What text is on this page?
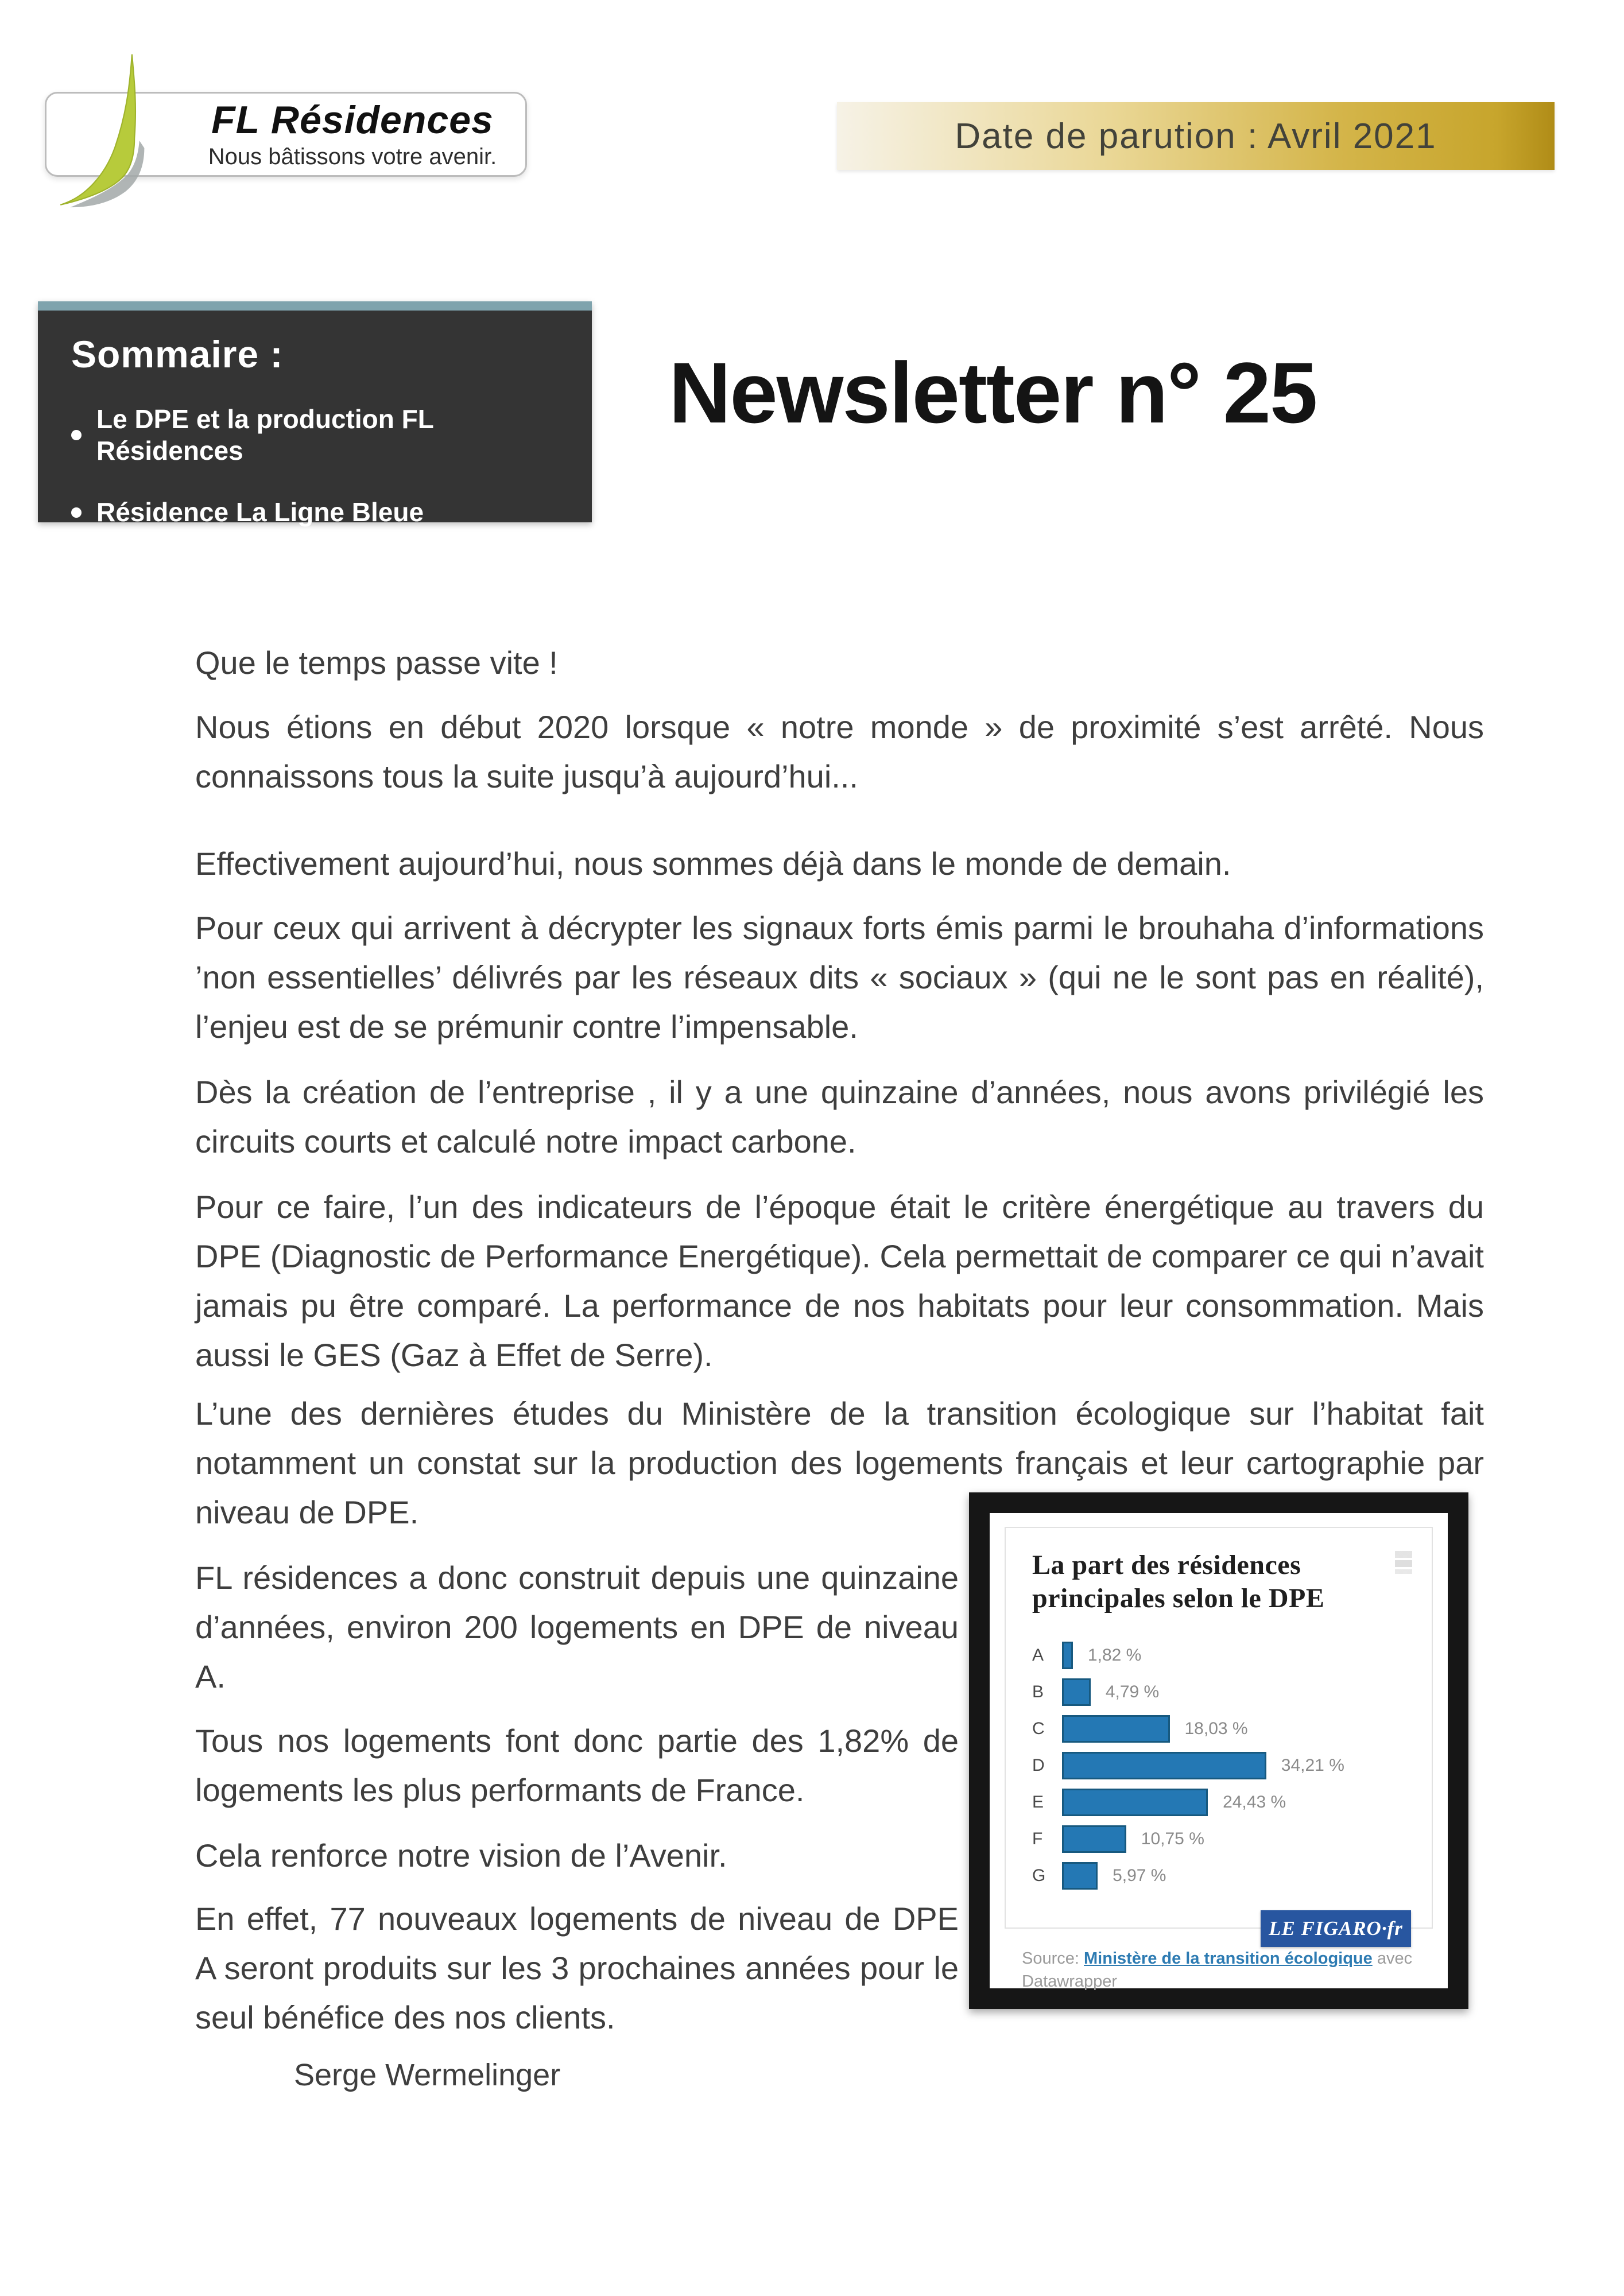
FL Résidences
Nous bâtissons votre avenir.
Date de parution : Avril 2021
Sommaire :
Le DPE et la production FL Résidences
Résidence La Ligne Bleue
Newsletter n° 25
Que le temps passe vite !
Nous étions en début 2020 lorsque « notre monde » de proximité s’est arrêté. Nous connaissons tous la suite jusqu’à aujourd’hui...
Effectivement aujourd’hui, nous sommes déjà dans le monde de demain.
Pour ceux qui arrivent à décrypter les signaux forts émis parmi le brouhaha d’informations ’non essentielles’ délivrés par les réseaux dits « sociaux » (qui ne le sont pas en réalité), l’enjeu est de se prémunir contre l’impensable.
Dès la création de l’entreprise , il y a une quinzaine d’années, nous avons privilégié les circuits courts et calculé notre impact carbone.
Pour ce faire, l’un des indicateurs de l’époque était le critère énergétique au travers du DPE (Diagnostic de Performance Energétique). Cela permettait de comparer ce qui n’avait jamais pu être comparé. La performance de nos habitats pour leur consommation. Mais aussi le GES (Gaz à Effet de Serre).
L’une des dernières études du Ministère de la transition écologique sur l’habitat fait notamment un constat sur la production des logements français et leur cartographie par niveau de DPE.
FL résidences a donc construit depuis une quinzaine d’années, environ 200 logements en DPE de niveau A.
Tous nos logements font donc partie des 1,82% de logements les plus performants de France.
Cela renforce notre vision de l’Avenir.
En effet, 77 nouveaux logements de niveau de DPE A seront produits sur les 3 prochaines années pour le seul bénéfice des nos clients.
Serge Wermelinger
La part des résidences principales selon le DPE
A	1,82 %
B	4,79 %
C	18,03 %
D	34,21 %
E	24,43 %
F	10,75 %
G	5,97 %
LE FIGARO·fr
Source: Ministère de la transition écologique avec
Datawrapper
